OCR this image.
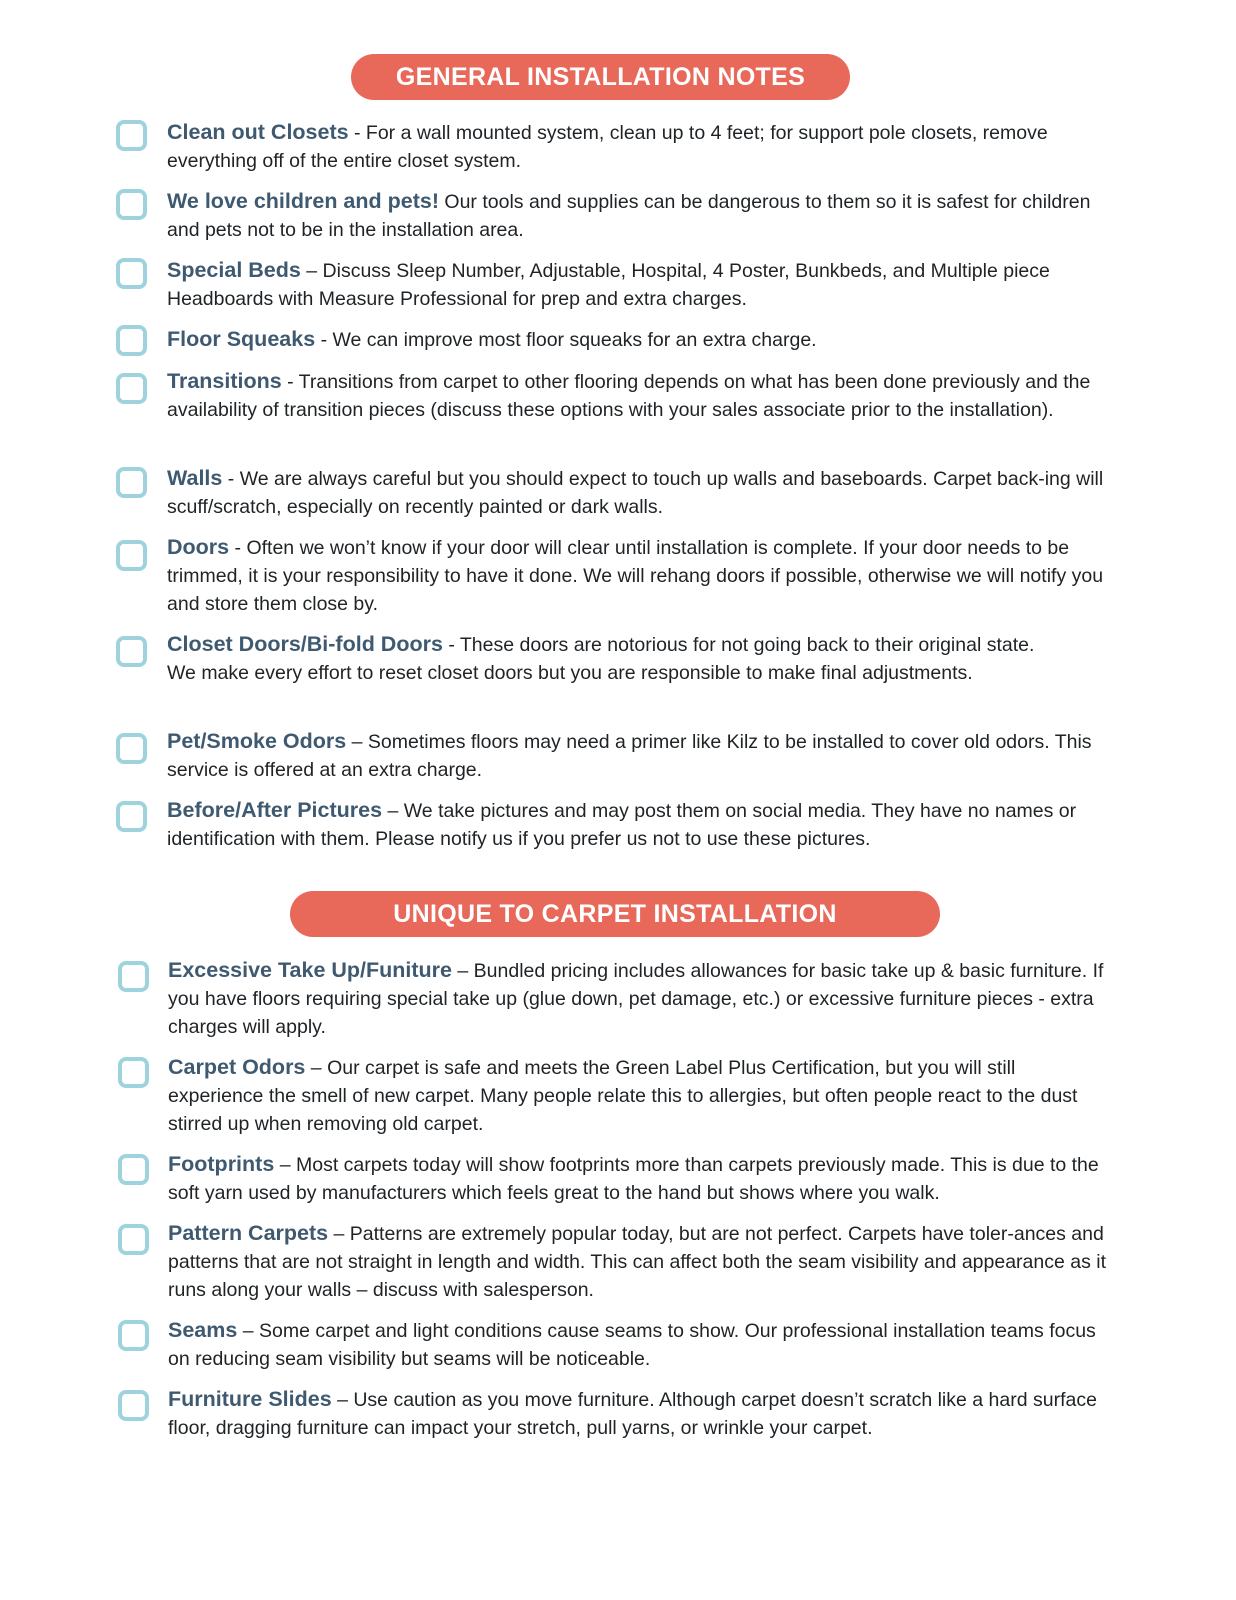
GENERAL INSTALLATION NOTES

Clean out Closets - For a wall mounted system, clean up to 4 feet; for support pole closets, remove everything off of the entire closet system.

We love children and pets! Our tools and supplies can be dangerous to them so it is safest for children and pets not to be in the installation area.

Special Beds – Discuss Sleep Number, Adjustable, Hospital, 4 Poster, Bunkbeds, and Multiple piece Headboards with Measure Professional for prep and extra charges.

Floor Squeaks - We can improve most floor squeaks for an extra charge.

Transitions - Transitions from carpet to other flooring depends on what has been done previously and the availability of transition pieces (discuss these options with your sales associate prior to the installation).

Walls - We are always careful but you should expect to touch up walls and baseboards. Carpet back-ing will scuff/scratch, especially on recently painted or dark walls.

Doors - Often we won’t know if your door will clear until installation is complete. If your door needs to be trimmed, it is your responsibility to have it done. We will rehang doors if possible, otherwise we will notify you and store them close by.

Closet Doors/Bi-fold Doors - These doors are notorious for not going back to their original state. We make every effort to reset closet doors but you are responsible to make final adjustments.

Pet/Smoke Odors – Sometimes floors may need a primer like Kilz to be installed to cover old odors. This service is offered at an extra charge.

Before/After Pictures – We take pictures and may post them on social media. They have no names or identification with them. Please notify us if you prefer us not to use these pictures.

UNIQUE TO CARPET INSTALLATION

Excessive Take Up/Funiture – Bundled pricing includes allowances for basic take up & basic furniture. If you have floors requiring special take up (glue down, pet damage, etc.) or excessive furniture pieces - extra charges will apply.

Carpet Odors – Our carpet is safe and meets the Green Label Plus Certification, but you will still experience the smell of new carpet. Many people relate this to allergies, but often people react to the dust stirred up when removing old carpet.

Footprints – Most carpets today will show footprints more than carpets previously made. This is due to the soft yarn used by manufacturers which feels great to the hand but shows where you walk.

Pattern Carpets – Patterns are extremely popular today, but are not perfect. Carpets have toler-ances and patterns that are not straight in length and width. This can affect both the seam visibility and appearance as it runs along your walls – discuss with salesperson.

Seams – Some carpet and light conditions cause seams to show. Our professional installation teams focus on reducing seam visibility but seams will be noticeable.

Furniture Slides – Use caution as you move furniture. Although carpet doesn’t scratch like a hard surface floor, dragging furniture can impact your stretch, pull yarns, or wrinkle your carpet.
